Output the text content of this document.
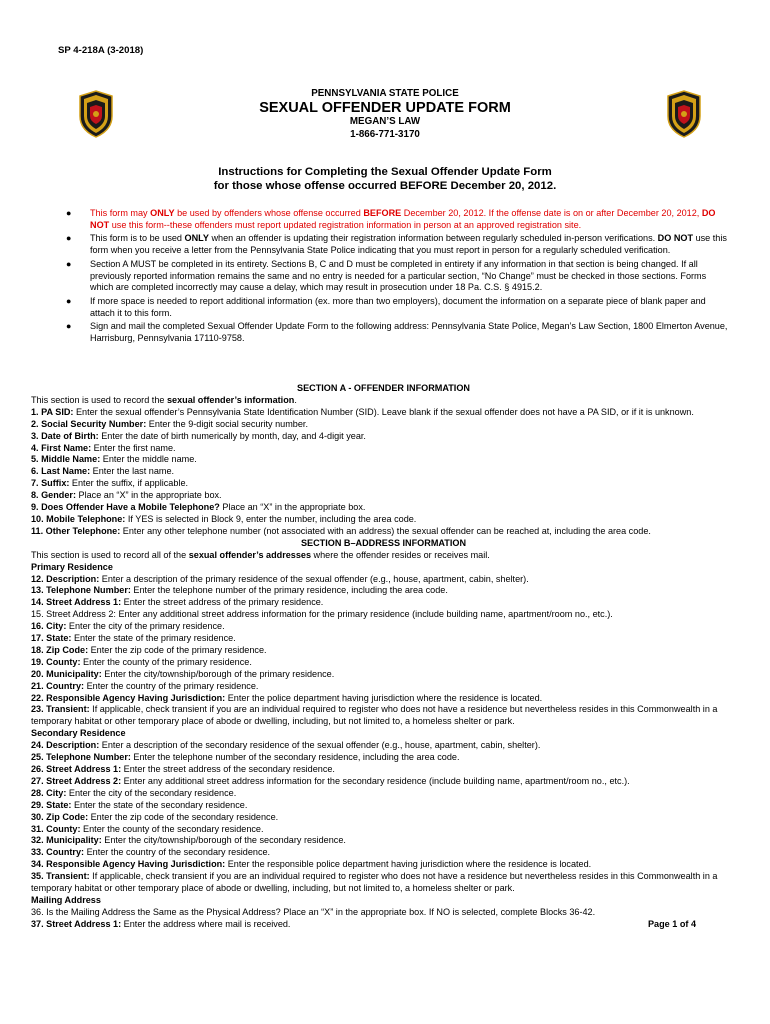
SP 4-218A (3-2018)
PENNSYLVANIA STATE POLICE
SEXUAL OFFENDER UPDATE FORM
MEGAN’S LAW
1-866-771-3170
Instructions for Completing the Sexual Offender Update Form
for those whose offense occurred BEFORE December 20, 2012.
● This form may ONLY be used by offenders whose offense occurred BEFORE December 20, 2012. If the offense date is on or after December 20, 2012, DO NOT use this form--these offenders must report updated registration information in person at an approved registration site.
● This form is to be used ONLY when an offender is updating their registration information between regularly scheduled in-person verifications. DO NOT use this form when you receive a letter from the Pennsylvania State Police indicating that you must report in person for a regularly scheduled verification.
● Section A MUST be completed in its entirety. Sections B, C and D must be completed in entirety if any information in that section is being changed. If all previously reported information remains the same and no entry is needed for a particular section, “No Change” must be checked in those sections. Forms which are completed incorrectly may cause a delay, which may result in prosecution under 18 Pa. C.S. § 4915.2.
● If more space is needed to report additional information (ex. more than two employers), document the information on a separate piece of blank paper and attach it to this form.
● Sign and mail the completed Sexual Offender Update Form to the following address: Pennsylvania State Police, Megan’s Law Section, 1800 Elmerton Avenue, Harrisburg, Pennsylvania 17110-9758.
SECTION A - OFFENDER INFORMATION
This section is used to record the sexual offender’s information.
1. PA SID: Enter the sexual offender’s Pennsylvania State Identification Number (SID). Leave blank if the sexual offender does not have a PA SID, or if it is unknown.
2. Social Security Number: Enter the 9-digit social security number.
3. Date of Birth: Enter the date of birth numerically by month, day, and 4-digit year.
4. First Name: Enter the first name.
5. Middle Name: Enter the middle name.
6. Last Name: Enter the last name.
7. Suffix: Enter the suffix, if applicable.
8. Gender: Place an “X” in the appropriate box.
9. Does Offender Have a Mobile Telephone? Place an “X” in the appropriate box.
10. Mobile Telephone: If YES is selected in Block 9, enter the number, including the area code.
11. Other Telephone: Enter any other telephone number (not associated with an address) the sexual offender can be reached at, including the area code.
SECTION B–ADDRESS INFORMATION
This section is used to record all of the sexual offender’s addresses where the offender resides or receives mail.
Primary Residence
12. Description: Enter a description of the primary residence of the sexual offender (e.g., house, apartment, cabin, shelter).
13. Telephone Number: Enter the telephone number of the primary residence, including the area code.
14. Street Address 1: Enter the street address of the primary residence.
15. Street Address 2: Enter any additional street address information for the primary residence (include building name, apartment/room no., etc.).
16. City: Enter the city of the primary residence.
17. State: Enter the state of the primary residence.
18. Zip Code: Enter the zip code of the primary residence.
19. County: Enter the county of the primary residence.
20. Municipality: Enter the city/township/borough of the primary residence.
21. Country: Enter the country of the primary residence.
22. Responsible Agency Having Jurisdiction: Enter the police department having jurisdiction where the residence is located.
23. Transient: If applicable, check transient if you are an individual required to register who does not have a residence but nevertheless resides in this Commonwealth in a temporary habitat or other temporary place of abode or dwelling, including, but not limited to, a homeless shelter or park.
Secondary Residence
24. Description: Enter a description of the secondary residence of the sexual offender (e.g., house, apartment, cabin, shelter).
25. Telephone Number: Enter the telephone number of the secondary residence, including the area code.
26. Street Address 1: Enter the street address of the secondary residence.
27. Street Address 2: Enter any additional street address information for the secondary residence (include building name, apartment/room no., etc.).
28. City: Enter the city of the secondary residence.
29. State: Enter the state of the secondary residence.
30. Zip Code: Enter the zip code of the secondary residence.
31. County: Enter the county of the secondary residence.
32. Municipality: Enter the city/township/borough of the secondary residence.
33. Country: Enter the country of the secondary residence.
34. Responsible Agency Having Jurisdiction: Enter the responsible police department having jurisdiction where the residence is located.
35. Transient: If applicable, check transient if you are an individual required to register who does not have a residence but nevertheless resides in this Commonwealth in a temporary habitat or other temporary place of abode or dwelling, including, but not limited to, a homeless shelter or park.
Mailing Address
36. Is the Mailing Address the Same as the Physical Address? Place an “X” in the appropriate box. If NO is selected, complete Blocks 36-42.
37. Street Address 1: Enter the address where mail is received.	Page 1 of 4
